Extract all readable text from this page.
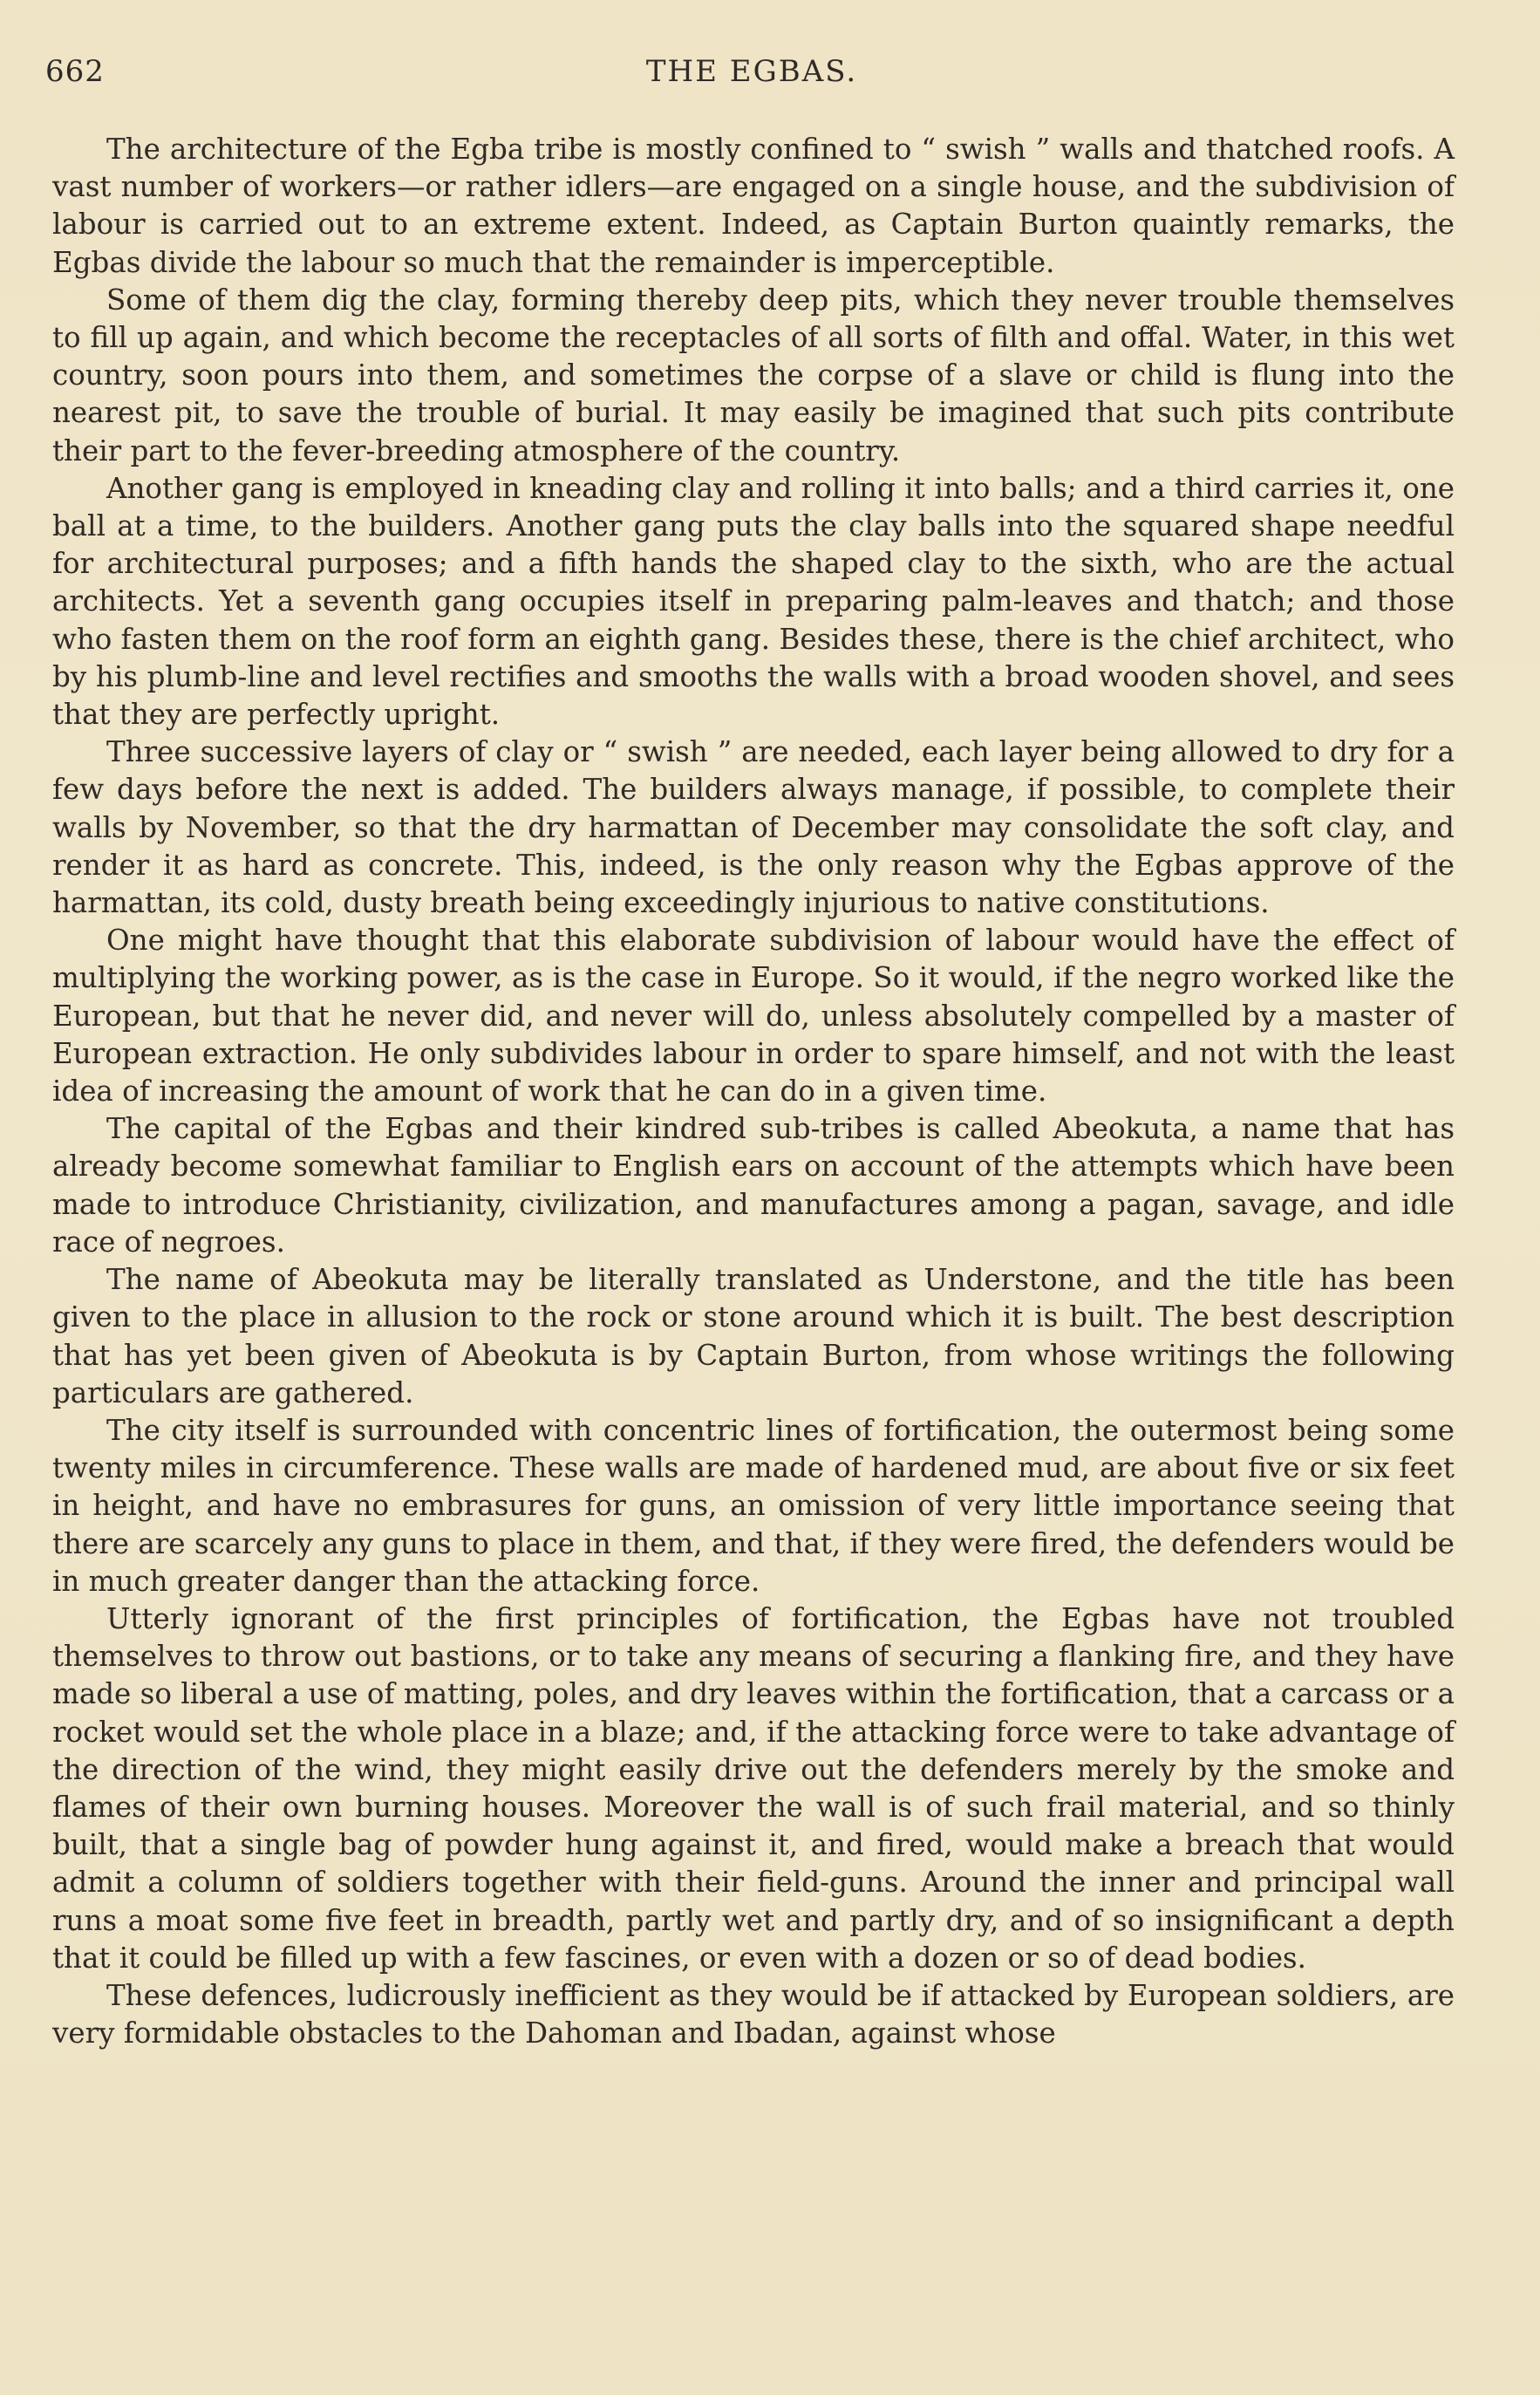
662	THE EGBAS.

The architecture of the Egba tribe is mostly confined to “ swish ” walls and thatched roofs. A vast number of workers—or rather idlers—are engaged on a single house, and the subdivision of labour is carried out to an extreme extent. Indeed, as Captain Burton quaintly remarks, the Egbas divide the labour so much that the remainder is imperceptible.

Some of them dig the clay, forming thereby deep pits, which they never trouble themselves to fill up again, and which become the receptacles of all sorts of filth and offal. Water, in this wet country, soon pours into them, and sometimes the corpse of a slave or child is flung into the nearest pit, to save the trouble of burial. It may easily be imagined that such pits contribute their part to the fever-breeding atmosphere of the country.

Another gang is employed in kneading clay and rolling it into balls; and a third carries it, one ball at a time, to the builders. Another gang puts the clay balls into the squared shape needful for architectural purposes; and a fifth hands the shaped clay to the sixth, who are the actual architects. Yet a seventh gang occupies itself in preparing palm-leaves and thatch; and those who fasten them on the roof form an eighth gang. Besides these, there is the chief architect, who by his plumb-line and level rectifies and smooths the walls with a broad wooden shovel, and sees that they are perfectly upright.

Three successive layers of clay or “ swish ” are needed, each layer being allowed to dry for a few days before the next is added. The builders always manage, if possible, to complete their walls by November, so that the dry harmattan of December may consolidate the soft clay, and render it as hard as concrete. This, indeed, is the only reason why the Egbas approve of the harmattan, its cold, dusty breath being exceedingly injurious to native constitutions.

One might have thought that this elaborate subdivision of labour would have the effect of multiplying the working power, as is the case in Europe. So it would, if the negro worked like the European, but that he never did, and never will do, unless absolutely compelled by a master of European extraction. He only subdivides labour in order to spare himself, and not with the least idea of increasing the amount of work that he can do in a given time.

The capital of the Egbas and their kindred sub-tribes is called Abeokuta, a name that has already become somewhat familiar to English ears on account of the attempts which have been made to introduce Christianity, civilization, and manufactures among a pagan, savage, and idle race of negroes.

The name of Abeokuta may be literally translated as Understone, and the title has been given to the place in allusion to the rock or stone around which it is built. The best description that has yet been given of Abeokuta is by Captain Burton, from whose writings the following particulars are gathered.

The city itself is surrounded with concentric lines of fortification, the outermost being some twenty miles in circumference. These walls are made of hardened mud, are about five or six feet in height, and have no embrasures for guns, an omission of very little importance seeing that there are scarcely any guns to place in them, and that, if they were fired, the defenders would be in much greater danger than the attacking force.

Utterly ignorant of the first principles of fortification, the Egbas have not troubled themselves to throw out bastions, or to take any means of securing a flanking fire, and they have made so liberal a use of matting, poles, and dry leaves within the fortification, that a carcass or a rocket would set the whole place in a blaze; and, if the attacking force were to take advantage of the direction of the wind, they might easily drive out the defenders merely by the smoke and flames of their own burning houses. Moreover the wall is of such frail material, and so thinly built, that a single bag of powder hung against it, and fired, would make a breach that would admit a column of soldiers together with their field-guns. Around the inner and principal wall runs a moat some five feet in breadth, partly wet and partly dry, and of so insignificant a depth that it could be filled up with a few fascines, or even with a dozen or so of dead bodies.

These defences, ludicrously inefficient as they would be if attacked by European soldiers, are very formidable obstacles to the Dahoman and Ibadan, against whose
